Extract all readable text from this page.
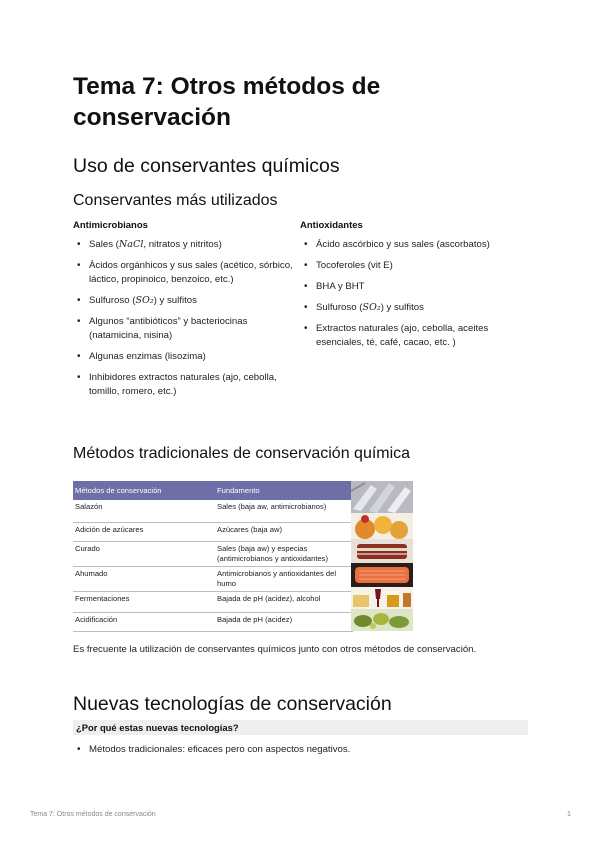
Tema 7: Otros métodos de conservación
Uso de conservantes químicos
Conservantes más utilizados
Antimicrobianos
• Sales (NaCl, nitratos y nitritos)
• Ácidos orgánhicos y sus sales (acético, sórbico, láctico, propinoico, benzoico, etc.)
• Sulfuroso (SO₂) y sulfitos
• Algunos “antibióticos” y bacteriocinas (natamicina, nisina)
• Algunas enzimas (lisozima)
• Inhibidores extractos naturales (ajo, cebolla, tomillo, romero, etc.)
Antioxidantes
• Ácido ascórbico y sus sales (ascorbatos)
• Tocoferoles (vit E)
• BHA y BHT
• Sulfuroso (SO₂) y sulfitos
• Extractos naturales (ajo, cebolla, aceites esenciales, té, café, cacao, etc. )
Métodos tradicionales de conservación química
Métodos de conservación	Fundamento
Salazón	Sales (baja aw, antimicrobianos)
Adición de azúcares	Azúcares (baja aw)
Curado	Sales (baja aw) y especias (antimicrobianos y antioxidantes)
Ahumado	Antimicrobianos y antioxidantes del humo
Fermentaciones	Bajada de pH (acidez), alcohol
Acidificación	Bajada de pH (acidez)

Es frecuente la utilización de conservantes químicos junto con otros métodos de conservación.

Nuevas tecnologías de conservación
¿Por qué estas nuevas tecnologías?
• Métodos tradicionales: eficaces pero con aspectos negativos.
Tema 7: Otros métodos de conservación	1
